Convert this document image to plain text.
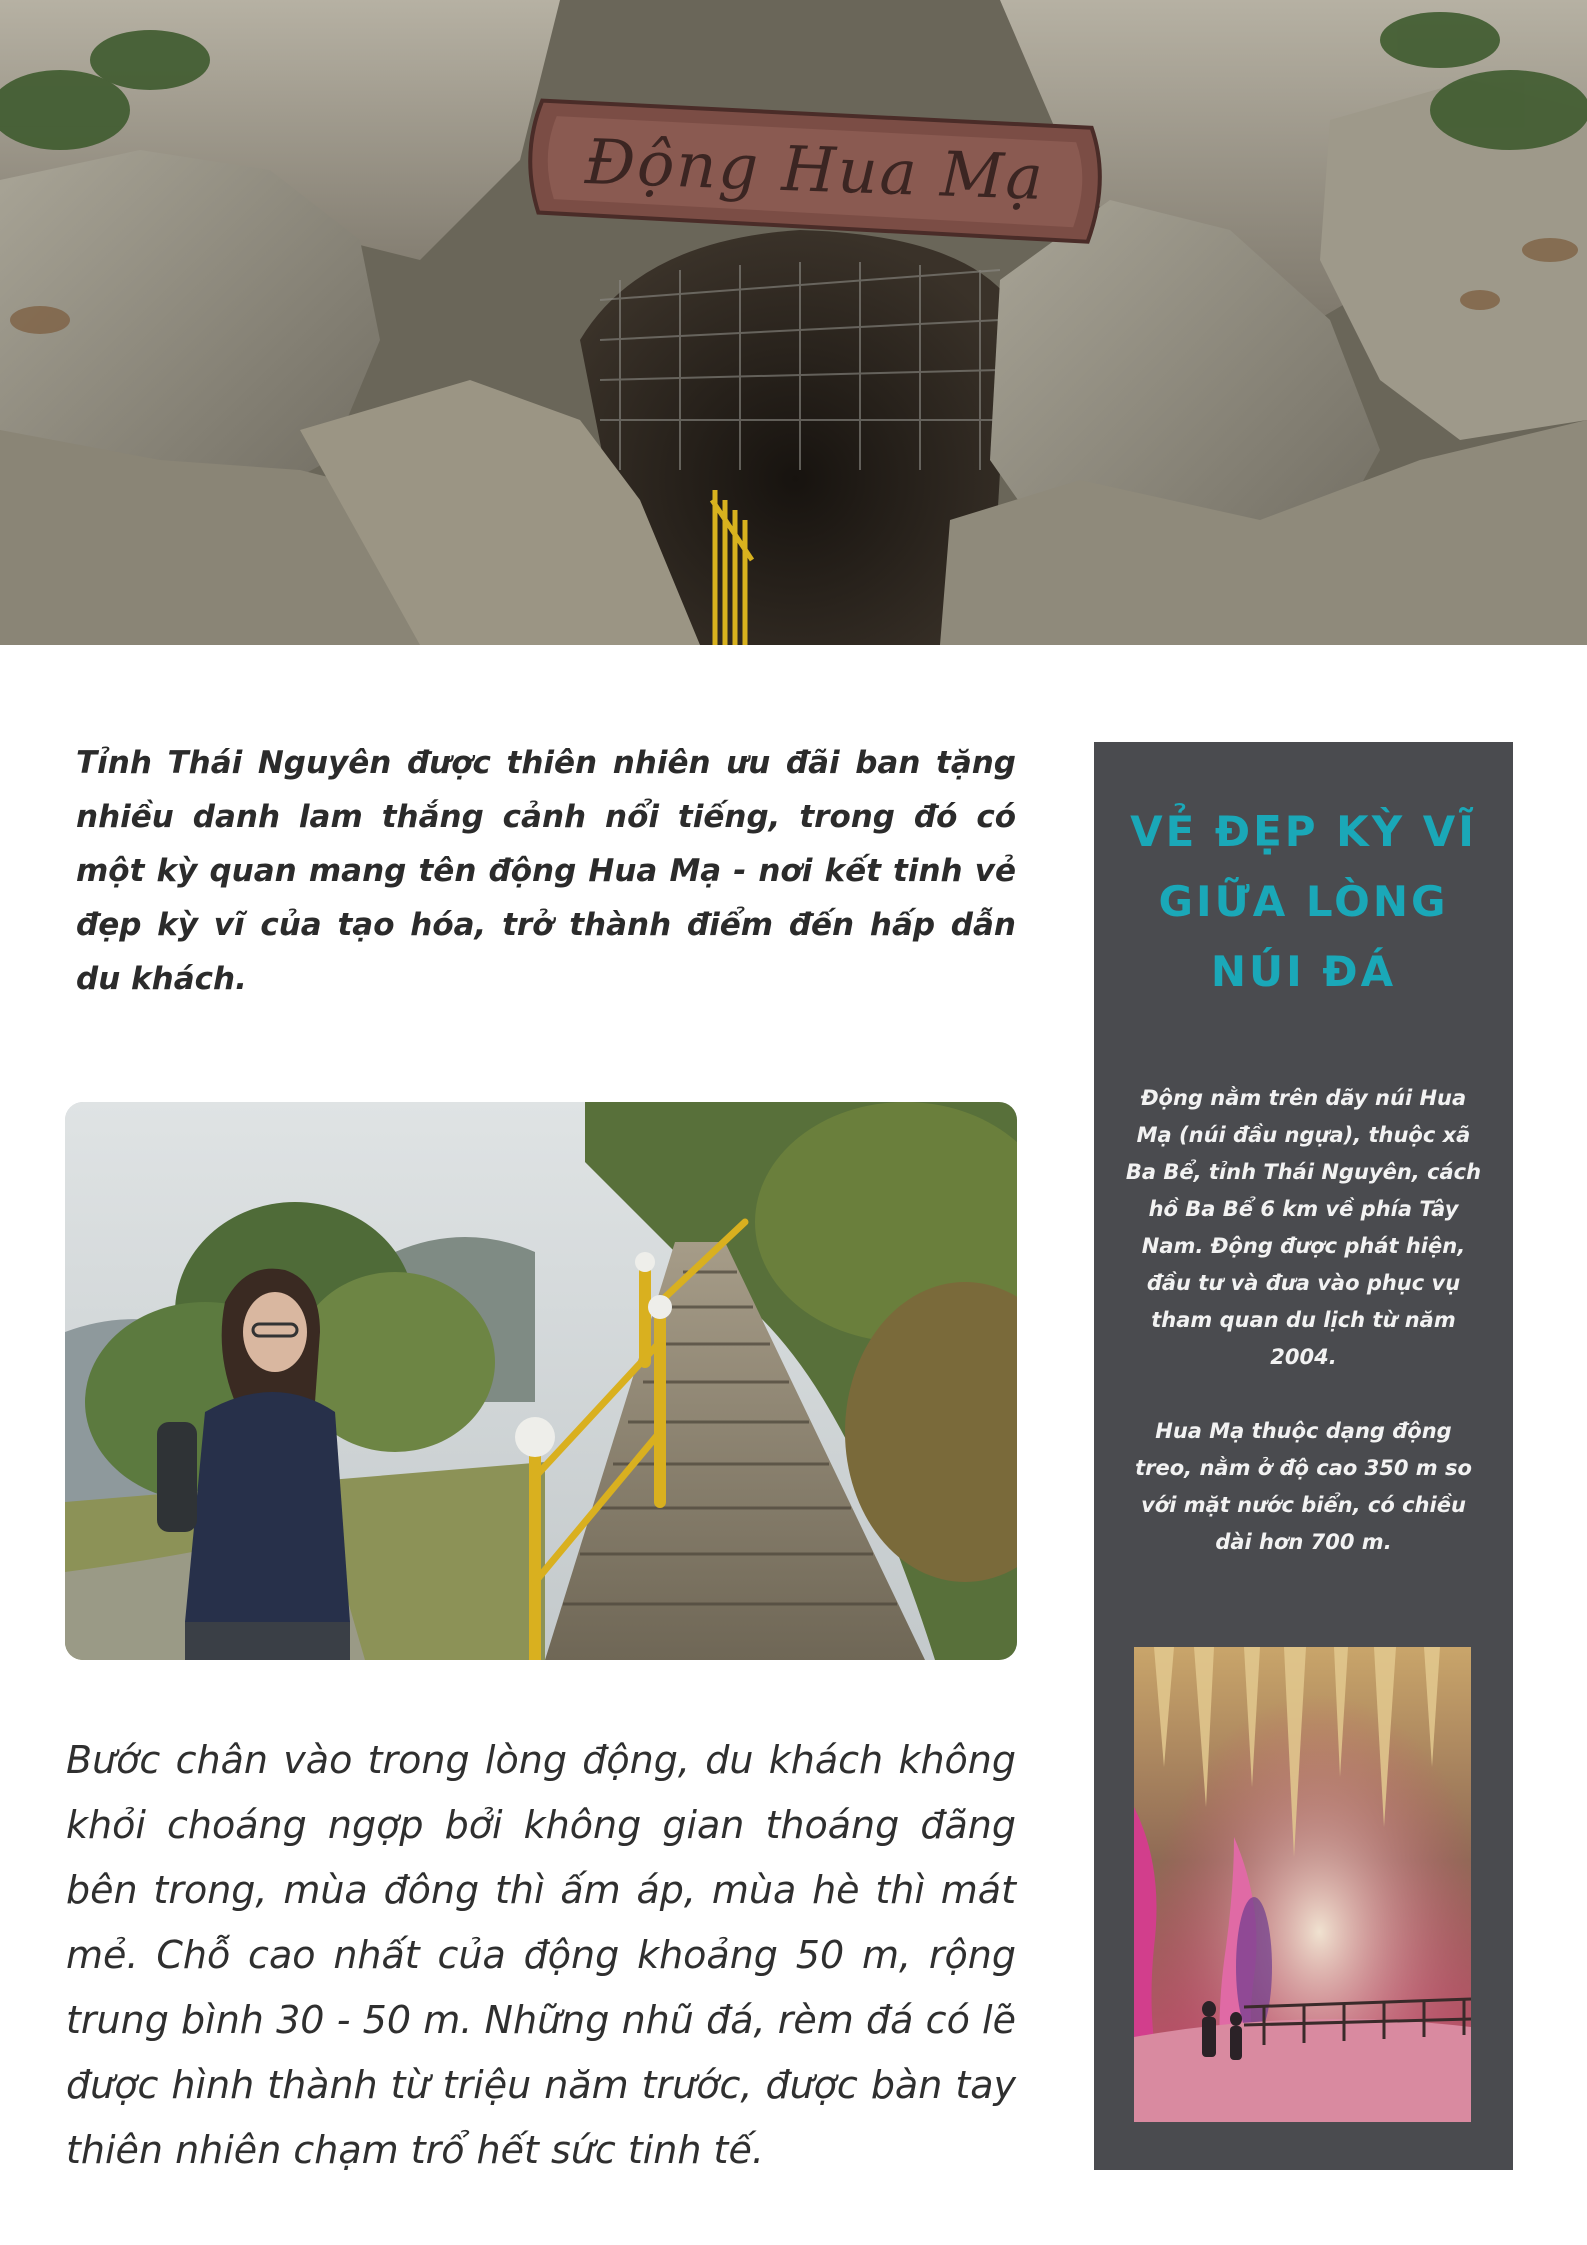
Động Hua Mạ

Tỉnh Thái Nguyên được thiên nhiên ưu đãi ban tặng nhiều danh lam thắng cảnh nổi tiếng, trong đó có một kỳ quan mang tên động Hua Mạ - nơi kết tinh vẻ đẹp kỳ vĩ của tạo hóa, trở thành điểm đến hấp dẫn du khách.

Bước chân vào trong lòng động, du khách không khỏi choáng ngợp bởi không gian thoáng đãng bên trong, mùa đông thì ấm áp, mùa hè thì mát mẻ. Chỗ cao nhất của động khoảng 50 m, rộng trung bình 30 - 50 m. Những nhũ đá, rèm đá có lẽ được hình thành từ triệu năm trước, được bàn tay thiên nhiên chạm trổ hết sức tinh tế.

VẺ ĐẸP KỲ VĨ
GIỮA LÒNG
NÚI ĐÁ

Động nằm trên dãy núi Hua Mạ (núi đầu ngựa), thuộc xã Ba Bể, tỉnh Thái Nguyên, cách hồ Ba Bể 6 km về phía Tây Nam. Động được phát hiện, đầu tư và đưa vào phục vụ tham quan du lịch từ năm 2004.

Hua Mạ thuộc dạng động treo, nằm ở độ cao 350 m so với mặt nước biển, có chiều dài hơn 700 m.
